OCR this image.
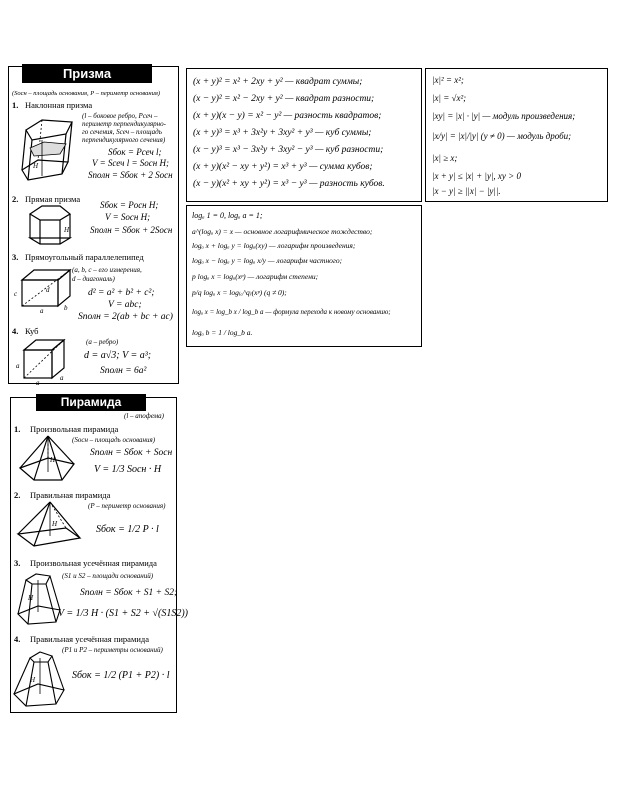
Призма
(Sосн – площадь основания, P – периметр основания)
1. Наклонная призма
(l – боковое ребро, Pсеч –
периметр перпендикулярно-
го сечения, Sсеч – площадь
перпендикулярного сечения)
Sбок = Pсеч l;
V = Sсеч l = Sосн H;
Sполн = Sбок + 2 Sосн
H
2. Прямая призма
Sбок = Pосн H;
V = Sосн H;
Sполн = Sбок + 2Sосн
H
3. Прямоугольный параллелепипед
(a, b, c – его измерения,
d – диагональ)
d² = a² + b² + c²;
V = abc;
Sполн = 2(ab + bc + ac)
c
a	b
d
4. Куб
(a – ребро)
d = a√3; V = a³;
Sполн = 6a²
a
a
a
Пирамида
(l – апофема)
1. Произвольная пирамида
(Sосн – площадь основания)
Sполн = Sбок + Sосн
V = 1/3 Sосн · H
H
2. Правильная пирамида
(P – периметр основания)
Sбок = 1/2 P · l
H
3. Произвольная усечённая пирамида
(S1 и S2 – площади оснований)
Sполн = Sбок + S1 + S2;
V = 1/3 H · (S1 + S2 + √(S1S2))
H
4. Правильная усечённая пирамида
(P1 и P2 – периметры оснований)
Sбок = 1/2 (P1 + P2) · l
H
(x + y)² = x² + 2xy + y² — квадрат суммы;
(x − y)² = x² − 2xy + y² — квадрат разности;
(x + y)(x − y) = x² − y² — разность квадратов;
(x + y)³ = x³ + 3x²y + 3xy² + y³ — куб суммы;
(x − y)³ = x³ − 3x²y + 3xy² − y³ — куб разности;
(x + y)(x² − xy + y²) = x³ + y³ — сумма кубов;
(x − y)(x² + xy + y²) = x³ − y³ — разность кубов.
|x|² = x²;
|x| = √x²;
|xy| = |x| · |y| — модуль произведения;
|x/y| = |x|/|y| (y ≠ 0) — модуль дроби;
|x| ≥ x;
|x + y| ≤ |x| + |y|, xy > 0
|x − y| ≥ ||x| − |y||.
logₐ 1 = 0, logₐ a = 1;
a^(logₐ x) = x — основное логарифмическое тождество;
logₐ x + logₐ y = logₐ(xy) — логарифм произведения;
logₐ x − logₐ y = logₐ x/y — логарифм частного;
p logₐ x = logₐ(xᵖ) — логарифм степени;
p/q logₐ x = log₍ₐ^q₎(xᵖ) (q ≠ 0);
logₐ x = log_b x / log_b a — формула перехода к новому основанию;
logₐ b = 1 / log_b a.
